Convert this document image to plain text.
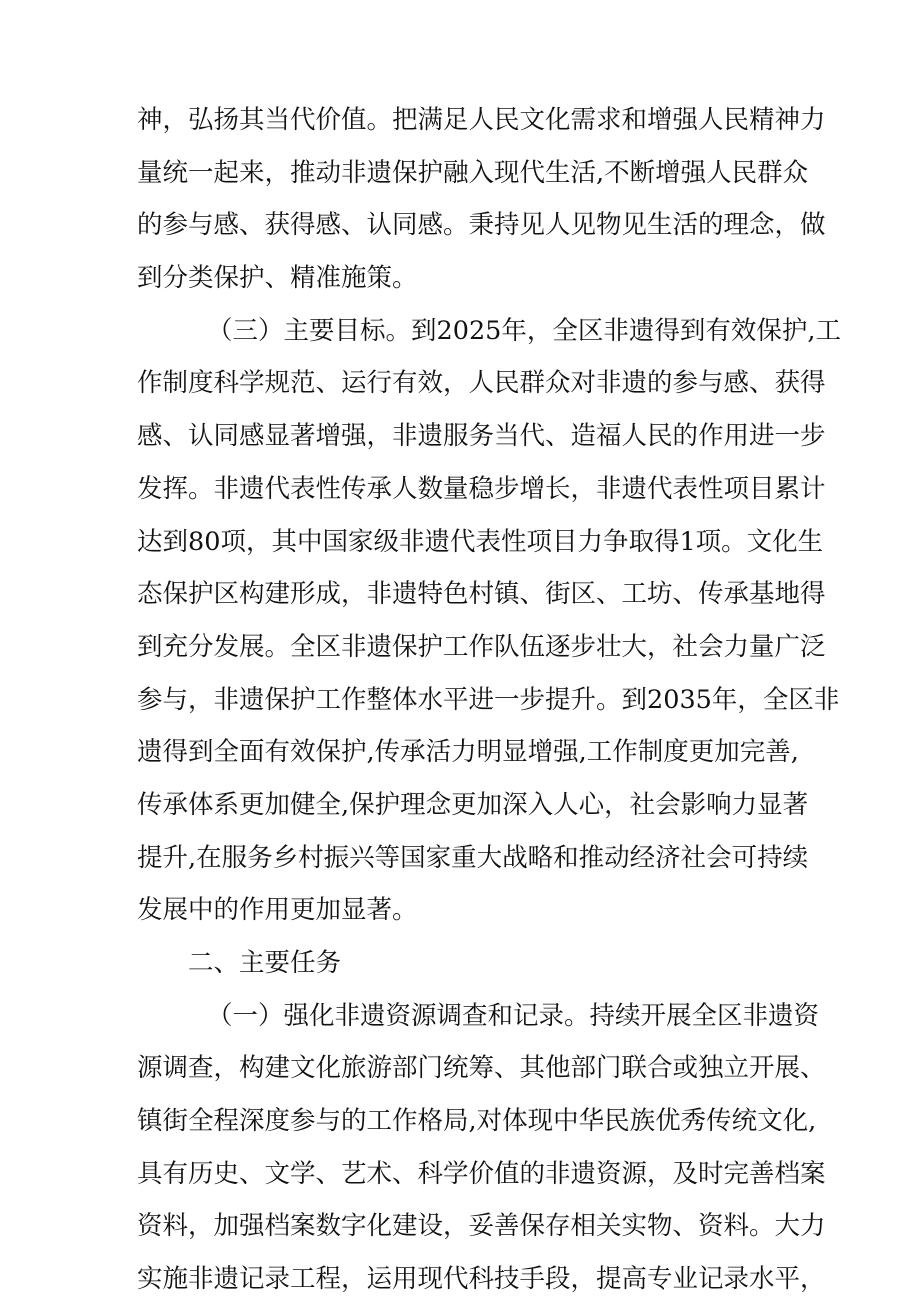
神，弘扬其当代价值。把满足人民文化需求和增强人民精神力
量统一起来，推动非遗保护融入现代生活,不断增强人民群众
的参与感、获得感、认同感。秉持见人见物见生活的理念，做
到分类保护、精准施策。
（三）主要目标。到2025年，全区非遗得到有效保护,工
作制度科学规范、运行有效，人民群众对非遗的参与感、获得
感、认同感显著增强，非遗服务当代、造福人民的作用进一步
发挥。非遗代表性传承人数量稳步增长，非遗代表性项目累计
达到80项，其中国家级非遗代表性项目力争取得1项。文化生
态保护区构建形成，非遗特色村镇、街区、工坊、传承基地得
到充分发展。全区非遗保护工作队伍逐步壮大，社会力量广泛
参与，非遗保护工作整体水平进一步提升。到2035年，全区非
遗得到全面有效保护,传承活力明显增强,工作制度更加完善,
传承体系更加健全,保护理念更加深入人心，社会影响力显著
提升,在服务乡村振兴等国家重大战略和推动经济社会可持续
发展中的作用更加显著。
二、主要任务
（一）强化非遗资源调查和记录。持续开展全区非遗资
源调查，构建文化旅游部门统筹、其他部门联合或独立开展、
镇街全程深度参与的工作格局,对体现中华民族优秀传统文化,
具有历史、文学、艺术、科学价值的非遗资源，及时完善档案
资料，加强档案数字化建设，妥善保存相关实物、资料。大力
实施非遗记录工程，运用现代科技手段，提高专业记录水平，
